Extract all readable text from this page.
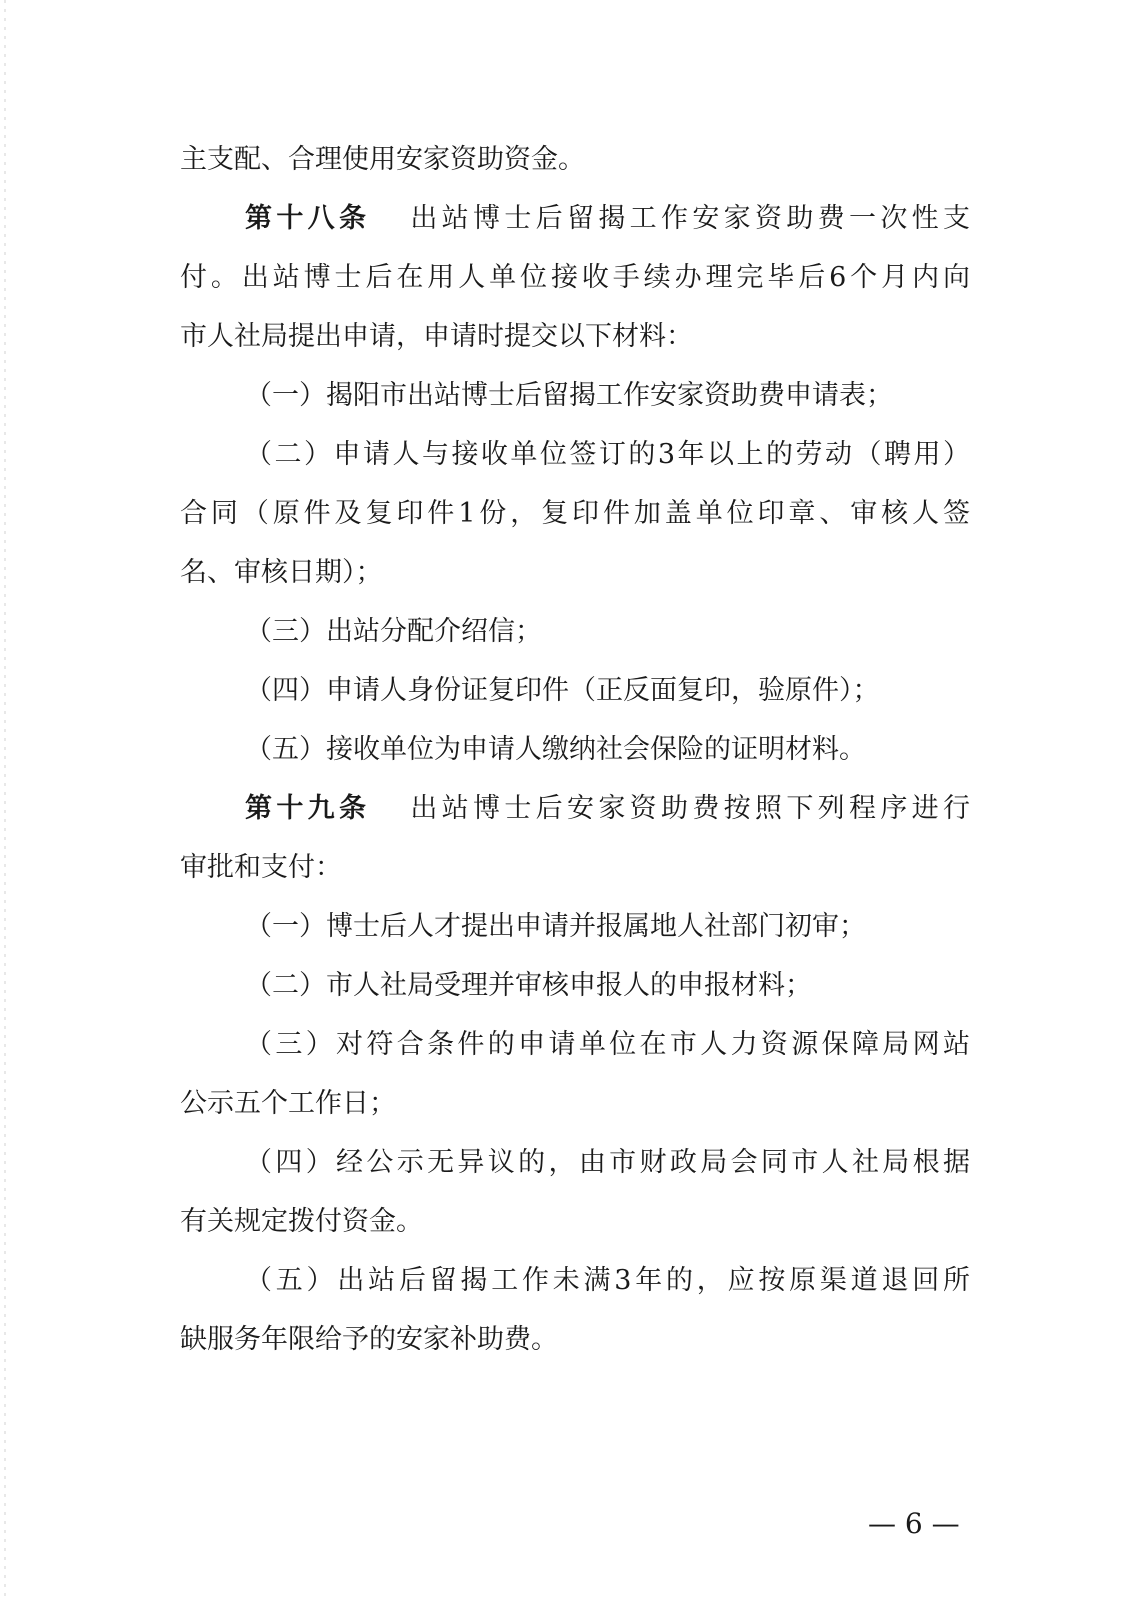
主支配、合理使用安家资助资金。
第十八条 出站博士后留揭工作安家资助费一次性支
付。出站博士后在用人单位接收手续办理完毕后6个月内向
市人社局提出申请，申请时提交以下材料：
（一）揭阳市出站博士后留揭工作安家资助费申请表；
（二）申请人与接收单位签订的3年以上的劳动（聘用）
合同（原件及复印件1份，复印件加盖单位印章、审核人签
名、审核日期）；
（三）出站分配介绍信；
（四）申请人身份证复印件（正反面复印，验原件）；
（五）接收单位为申请人缴纳社会保险的证明材料。
第十九条 出站博士后安家资助费按照下列程序进行
审批和支付：
（一）博士后人才提出申请并报属地人社部门初审；
（二）市人社局受理并审核申报人的申报材料；
（三）对符合条件的申请单位在市人力资源保障局网站
公示五个工作日；
（四）经公示无异议的，由市财政局会同市人社局根据
有关规定拨付资金。
（五）出站后留揭工作未满3年的，应按原渠道退回所
缺服务年限给予的安家补助费。
— 6 —
